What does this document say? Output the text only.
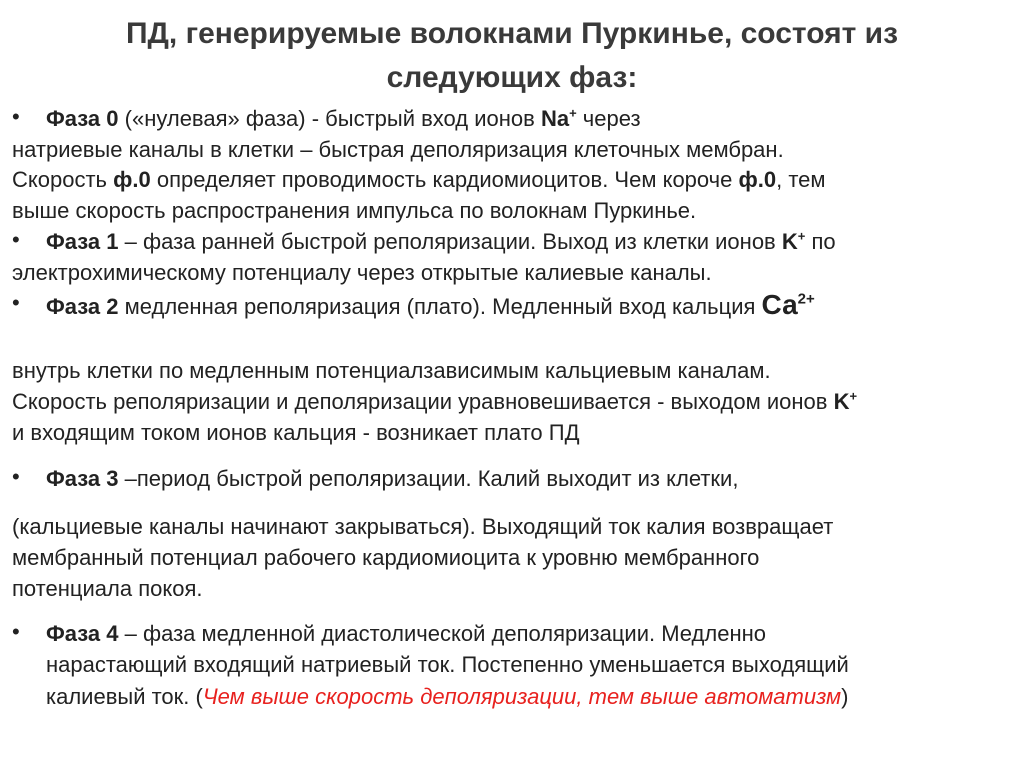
ПД, генерируемые волокнами Пуркинье, состоят из
следующих фаз:
• Фаза 0 («нулевая» фаза) - быстрый вход ионов Na+ через
натриевые каналы в клетки – быстрая деполяризация клеточных мембран.
Скорость ф.0 определяет проводимость кардиомиоцитов. Чем короче ф.0, тем
выше скорость распространения импульса по волокнам Пуркинье.
• Фаза 1 – фаза ранней быстрой реполяризации. Выход из клетки ионов K+ по
электрохимическому потенциалу через открытые калиевые каналы.
• Фаза 2 медленная реполяризация (плато). Медленный вход кальция $Са^{2+}$
внутрь клетки по медленным потенциалзависимым кальциевым каналам.
Скорость реполяризации и деполяризации уравновешивается - выходом ионов K+
и входящим током ионов кальция - возникает плато ПД
• Фаза 3 –период быстрой реполяризации. Калий выходит из клетки,
(кальциевые каналы начинают закрываться). Выходящий ток калия возвращает
мембранный потенциал рабочего кардиомиоцита к уровню мембранного
потенциала покоя.
• Фаза 4 – фаза медленной диастолической деполяризации. Медленно
нарастающий входящий натриевый ток. Постепенно уменьшается выходящий
калиевый ток. (Чем выше скорость деполяризации, тем выше автоматизм)
